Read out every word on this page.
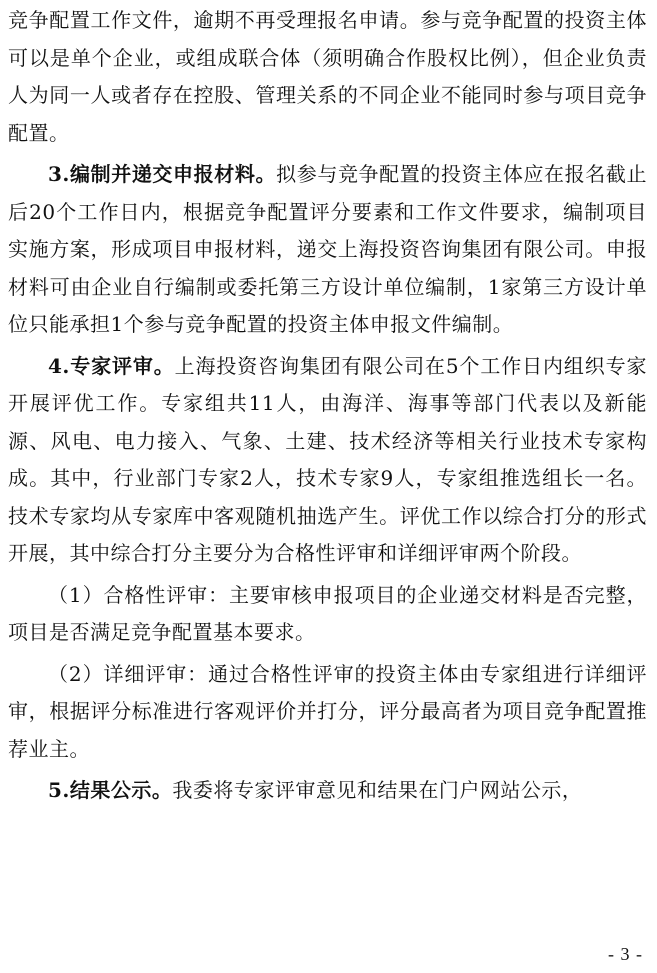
竞争配置工作文件，逾期不再受理报名申请。参与竞争配置的投资主体可以是单个企业，或组成联合体（须明确合作股权比例），但企业负责人为同一人或者存在控股、管理关系的不同企业不能同时参与项目竞争配置。

3.编制并递交申报材料。拟参与竞争配置的投资主体应在报名截止后20个工作日内，根据竞争配置评分要素和工作文件要求，编制项目实施方案，形成项目申报材料，递交上海投资咨询集团有限公司。申报材料可由企业自行编制或委托第三方设计单位编制，1家第三方设计单位只能承担1个参与竞争配置的投资主体申报文件编制。

4.专家评审。上海投资咨询集团有限公司在5个工作日内组织专家开展评优工作。专家组共11人，由海洋、海事等部门代表以及新能源、风电、电力接入、气象、土建、技术经济等相关行业技术专家构成。其中，行业部门专家2人，技术专家9人，专家组推选组长一名。技术专家均从专家库中客观随机抽选产生。评优工作以综合打分的形式开展，其中综合打分主要分为合格性评审和详细评审两个阶段。

（1）合格性评审：主要审核申报项目的企业递交材料是否完整，项目是否满足竞争配置基本要求。

（2）详细评审：通过合格性评审的投资主体由专家组进行详细评审，根据评分标准进行客观评价并打分，评分最高者为项目竞争配置推荐业主。

5.结果公示。我委将专家评审意见和结果在门户网站公示，

- 3 -
